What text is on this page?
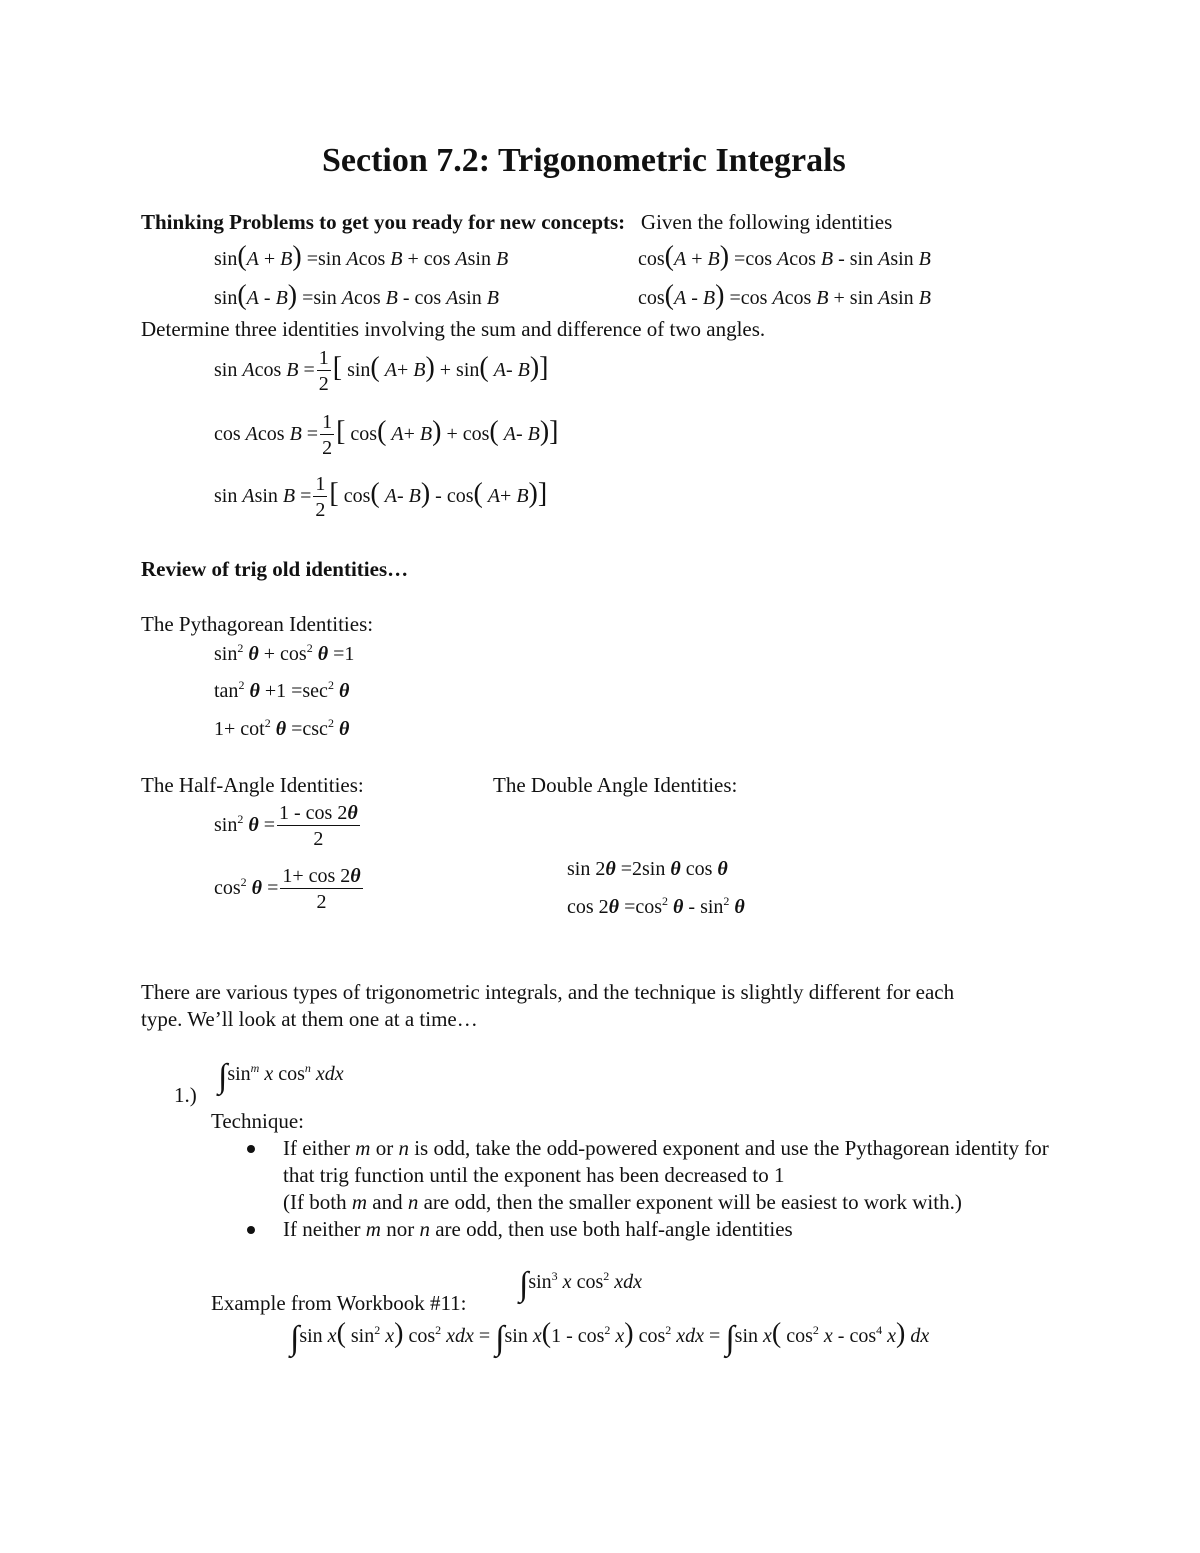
Section 7.2: Trigonometric Integrals
Thinking Problems to get you ready for new concepts: Given the following identities
sin(A + B) =sin Acos B + cos Asin B	cos(A + B) =cos Acos B - sin Asin B
sin(A - B) =sin Acos B - cos Asin B	cos(A - B) =cos Acos B + sin Asin B
Determine three identities involving the sum and difference of two angles.
sin Acos $B = \frac{1}{2}$ [ sin( A+ B) + sin( A- B)]
cos Acos $B = \frac{1}{2}$ [ cos( A+ B) + cos( A- B)]
sin Asin $B = \frac{1}{2}$ [ cos( A- B) - cos( A+ B)]
Review of trig old identities…
The Pythagorean Identities:
$\sin^2 \theta + \cos^2 \theta =1$
$\tan^2 \theta +1 =\sec^2$ θ
$1+ \cot^2 \theta =\csc^2$ θ
The Half-Angle Identities:	The Double Angle Identities:
$\sin^2 \theta = \frac{1 - \cos 2\theta}{2}$
$\cos^2 \theta = \frac{1+ \cos 2\theta}{2}$	sin 2θ =2sin θ cos θ
$\cos 2\theta =\cos^2$ θ - $\sin^2 \theta$
There are various types of trigonometric integrals, and the technique is slightly different for each
type. We’ll look at them one at a time…
$\int\sin^m$ x $\cos^n$ xdx
1.)
Technique:
If either m or n is odd, take the odd-powered exponent and use the Pythagorean identity for that trig function until the exponent has been decreased to 1
(If both m and n are odd, then the smaller exponent will be easiest to work with.)
If neither m nor n are odd, then use both half-angle identities
$\int\sin^3$ x $\cos^2$ xdx
Example from Workbook #11:
∫sin x( $\sin^2 x$) $\cos^2$ xdx = ∫sin $x(1 - \cos^2 x)$ $\cos^2$ xdx = ∫sin x( $\cos^2 x - \cos^4 x$) dx
